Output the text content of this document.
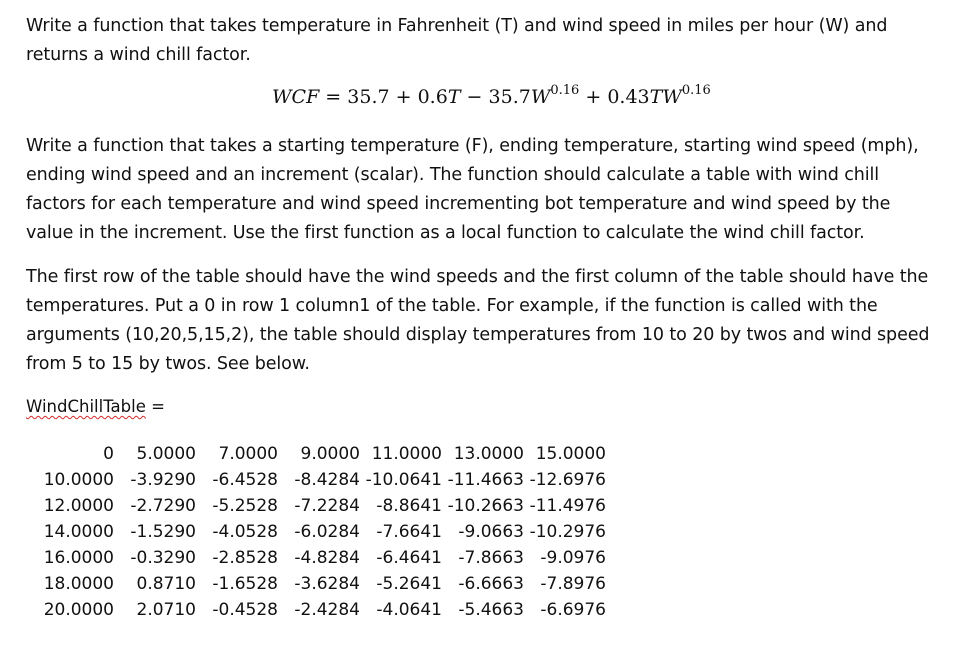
Write a function that takes temperature in Fahrenheit (T) and wind speed in miles per hour (W) and
returns a wind chill factor.
WCF = $35.7 + 0.6T - 35.7W^{0.16} + 0.43TW^{0.16}$
Write a function that takes a starting temperature (F), ending temperature, starting wind speed (mph),
ending wind speed and an increment (scalar). The function should calculate a table with wind chill
factors for each temperature and wind speed incrementing bot temperature and wind speed by the
value in the increment. Use the first function as a local function to calculate the wind chill factor.
The first row of the table should have the wind speeds and the first column of the table should have the
temperatures. Put a 0 in row 1 column1 of the table. For example, if the function is called with the
arguments (10,20,5,15,2), the table should display temperatures from 10 to 20 by twos and wind speed
from 5 to 15 by twos. See below.
WindChillTable =
0	5.0000	7.0000	9.0000 11.0000 13.0000 15.0000
10.0000 -3.9290 -6.4528 -8.4284 -10.0641 -11.4663 -12.6976
12.0000 -2.7290 -5.2528 -7.2284 -8.8641 -10.2663 -11.4976
14.0000 -1.5290 -4.0528 -6.0284 -7.6641 -9.0663 -10.2976
16.0000 -0.3290 -2.8528 -4.8284 -6.4641 -7.8663 -9.0976
18.0000	0.8710 -1.6528 -3.6284 -5.2641 -6.6663 -7.8976
20.0000	2.0710 -0.4528 -2.4284 -4.0641 -5.4663 -6.6976
